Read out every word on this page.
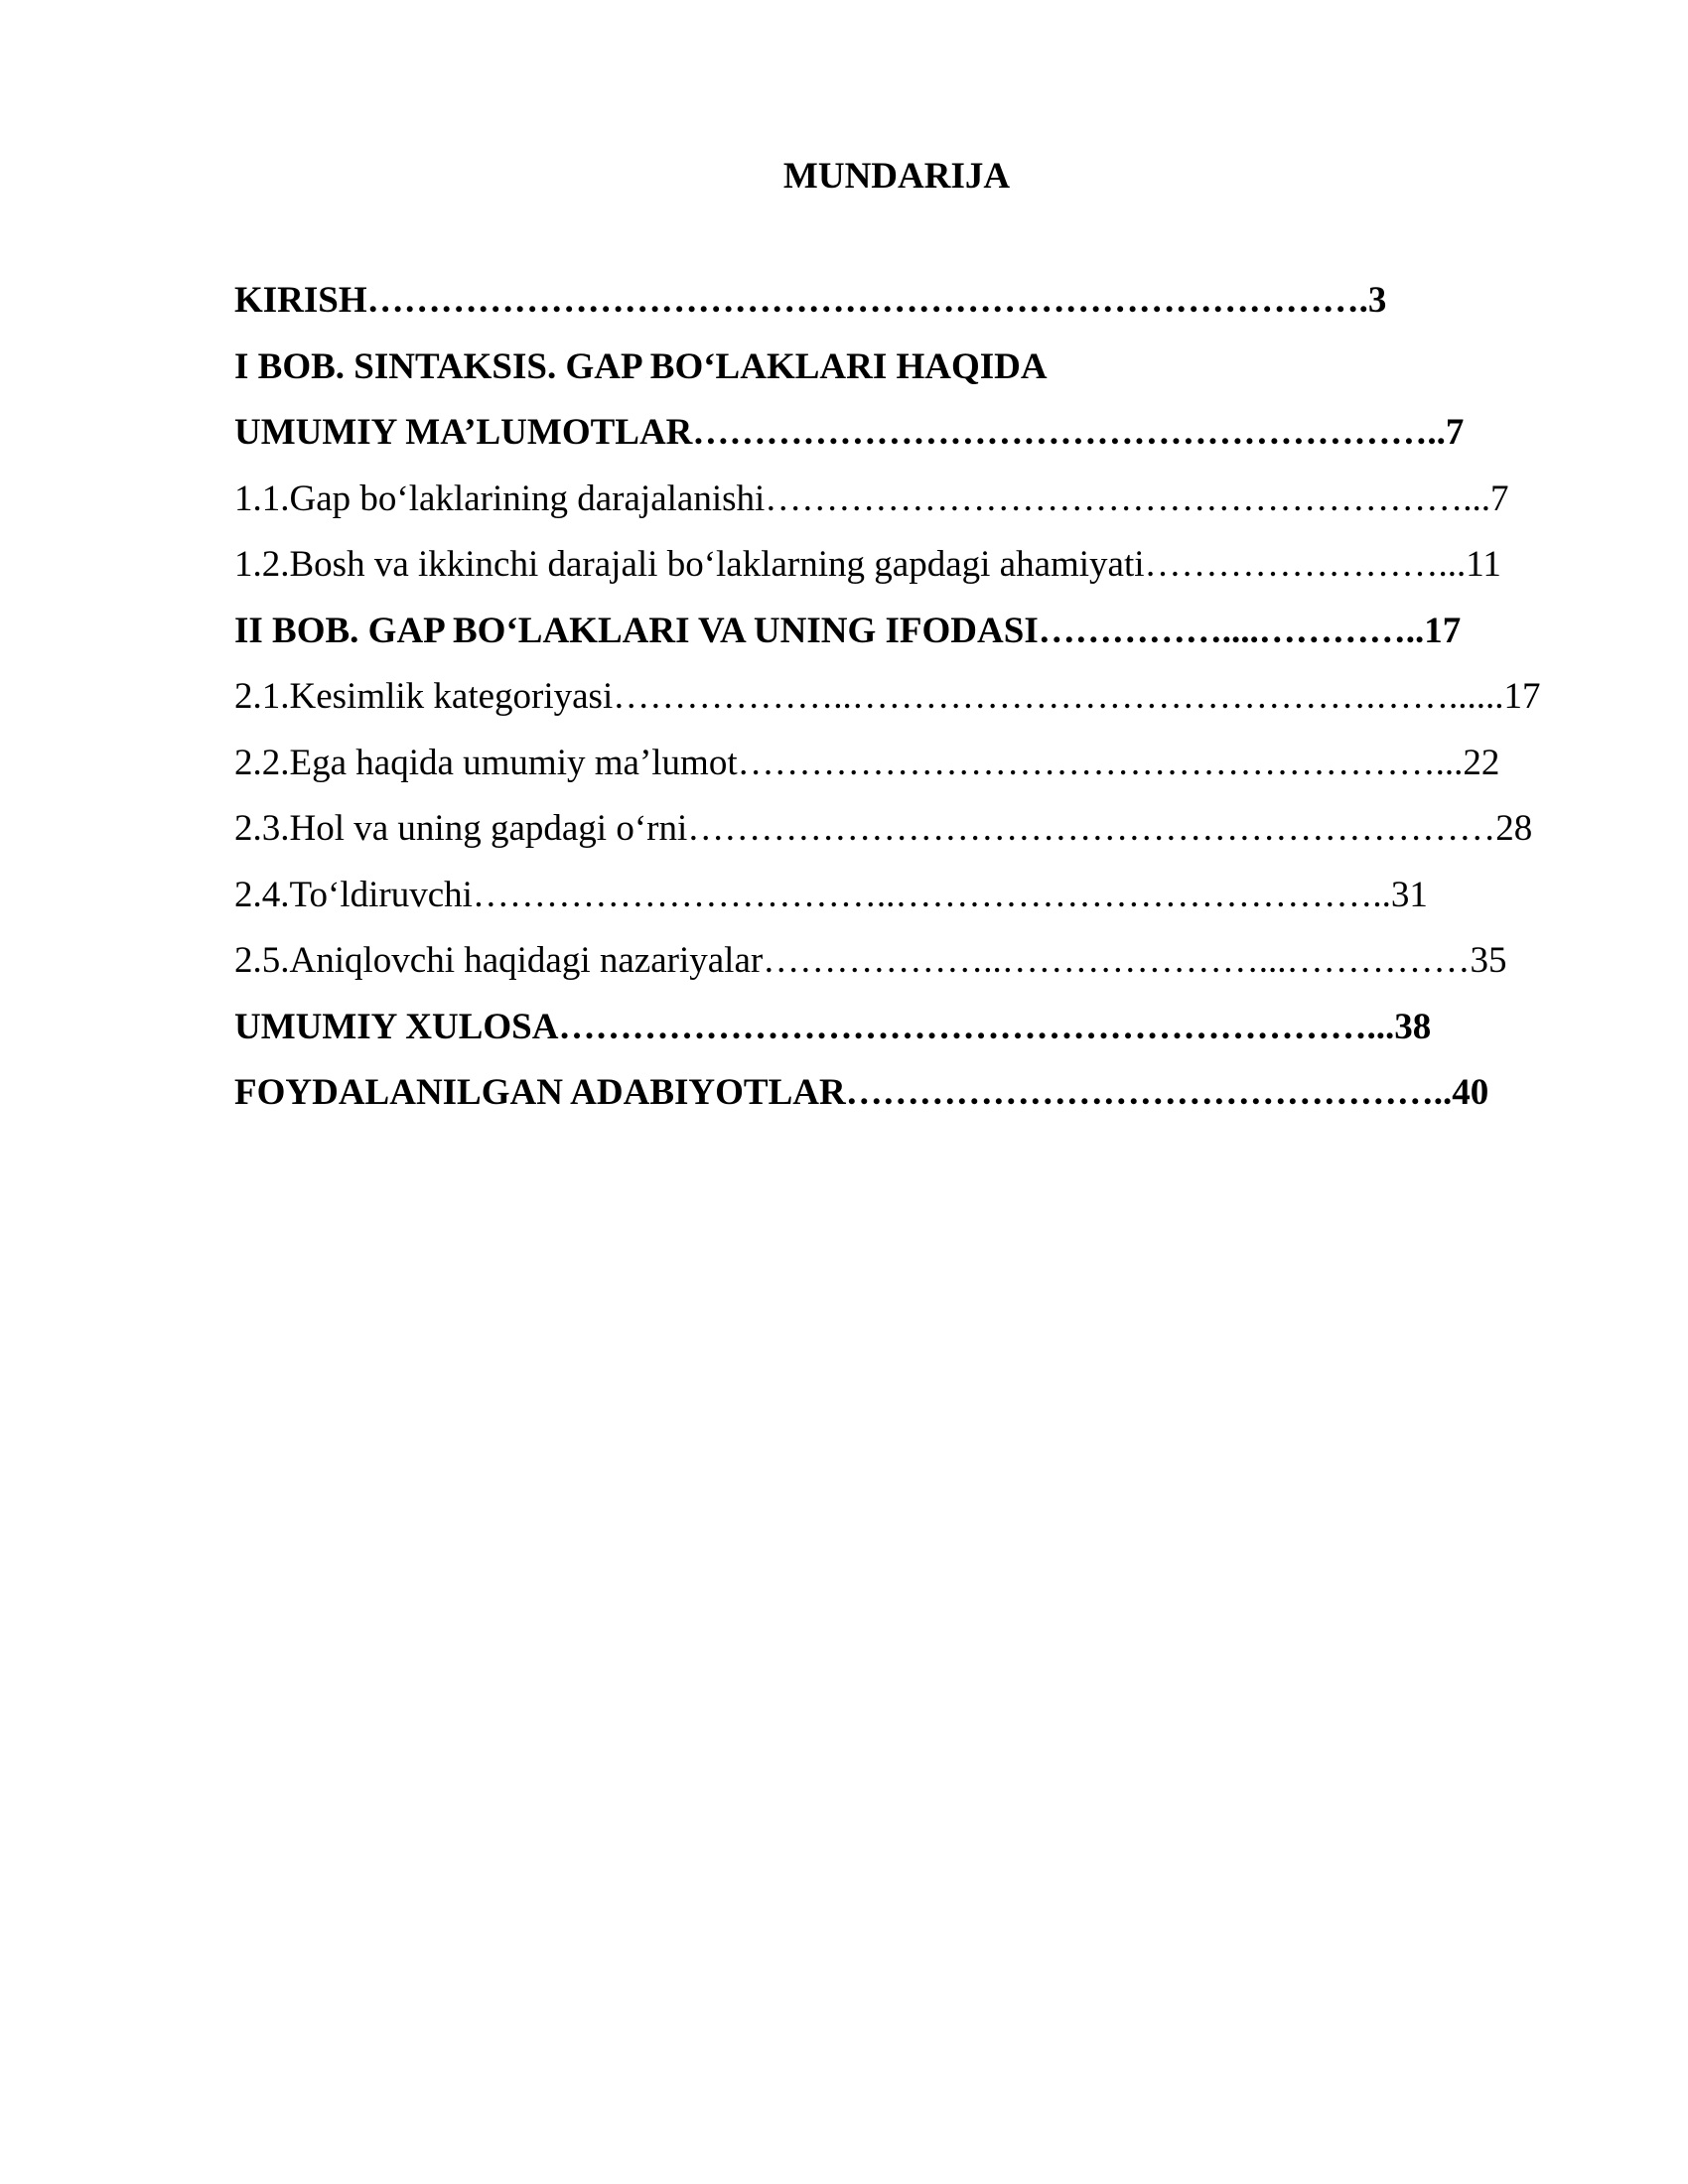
MUNDARIJA
KIRISH……………………………………………………………………….3
I BOB. SINTAKSIS. GAP BO‘LAKLARI HAQIDA
UMUMIY MA’LUMOTLAR……………………………………………………..7
1.1.Gap bo‘laklarining darajalanishi…………………………………………………...7
1.2.Bosh va ikkinchi darajali bo‘laklarning gapdagi ahamiyati……………………...11
II BOB. GAP BO‘LAKLARI VA UNING IFODASI……………....…………..17
2.1.Kesimlik kategoriyasi………………..…………………………………….……......17
2.2.Ega haqida umumiy ma’lumot…………………………………………………...22
2.3.Hol va uning gapdagi o‘rni…………………………………………………………28
2.4.To‘ldiruvchi……………………………..…………………………………..31
2.5.Aniqlovchi haqidagi nazariyalar………………..…………………...……………35
UMUMIY XULOSA…………………………………………………………...38
FOYDALANILGAN ADABIYOTLAR…………………………………………..40
